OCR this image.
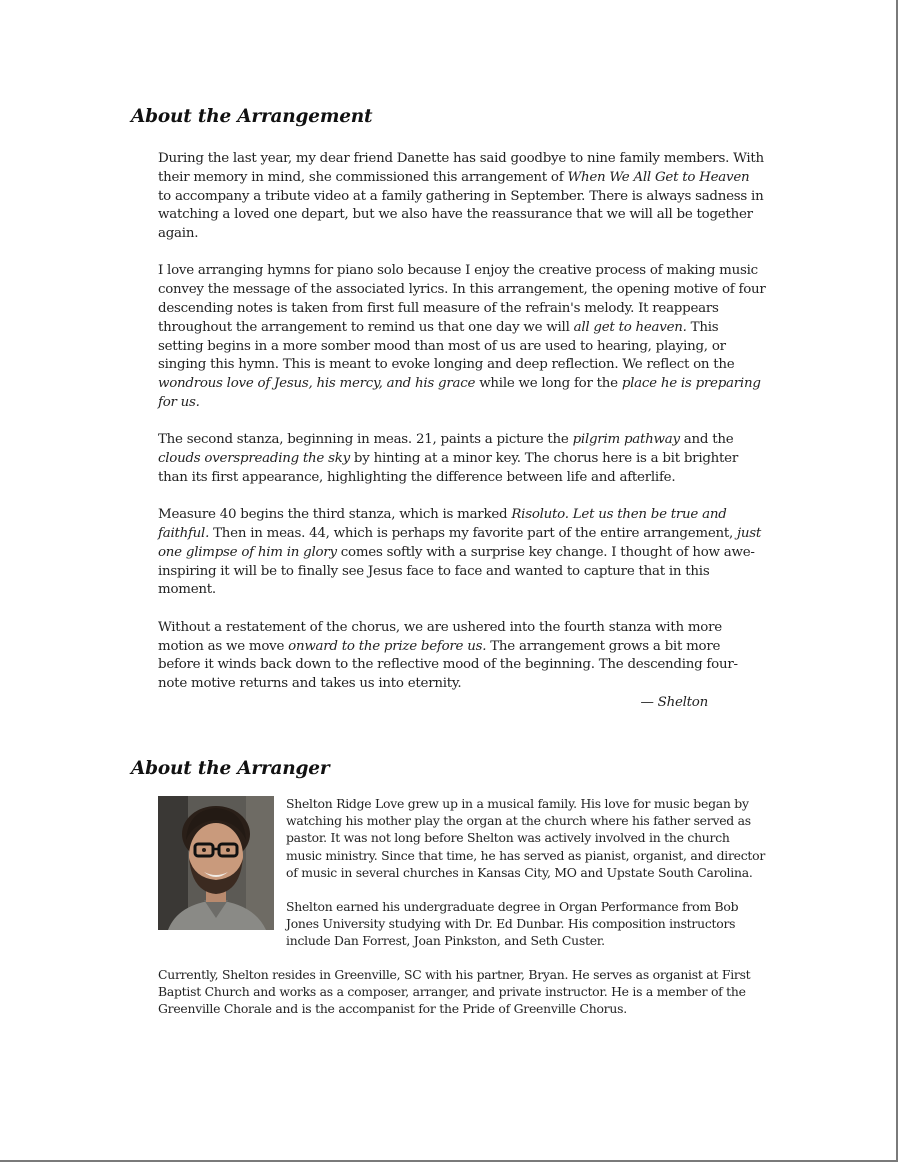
About the Arrangement

During the last year, my dear friend Danette has said goodbye to nine family members. With their memory in mind, she commissioned this arrangement of When We All Get to Heaven to accompany a tribute video at a family gathering in September. There is always sadness in watching a loved one depart, but we also have the reassurance that we will all be together again.

I love arranging hymns for piano solo because I enjoy the creative process of making music convey the message of the associated lyrics. In this arrangement, the opening motive of four descending notes is taken from first full measure of the refrain's melody. It reappears throughout the arrangement to remind us that one day we will all get to heaven. This setting begins in a more somber mood than most of us are used to hearing, playing, or singing this hymn. This is meant to evoke longing and deep reflection. We reflect on the wondrous love of Jesus, his mercy, and his grace while we long for the place he is preparing for us.

The second stanza, beginning in meas. 21, paints a picture the pilgrim pathway and the clouds overspreading the sky by hinting at a minor key. The chorus here is a bit brighter than its first appearance, highlighting the difference between life and afterlife.

Measure 40 begins the third stanza, which is marked Risoluto. Let us then be true and faithful. Then in meas. 44, which is perhaps my favorite part of the entire arrangement, just one glimpse of him in glory comes softly with a surprise key change. I thought of how awe-inspiring it will be to finally see Jesus face to face and wanted to capture that in this moment.

Without a restatement of the chorus, we are ushered into the fourth stanza with more motion as we move onward to the prize before us. The arrangement grows a bit more before it winds back down to the reflective mood of the beginning. The descending four-note motive returns and takes us into eternity.

— Shelton

About the Arranger

Shelton Ridge Love grew up in a musical family. His love for music began by watching his mother play the organ at the church where his father served as pastor. It was not long before Shelton was actively involved in the church music ministry. Since that time, he has served as pianist, organist, and director of music in several churches in Kansas City, MO and Upstate South Carolina.

Shelton earned his undergraduate degree in Organ Performance from Bob Jones University studying with Dr. Ed Dunbar. His composition instructors include Dan Forrest, Joan Pinkston, and Seth Custer.

Currently, Shelton resides in Greenville, SC with his partner, Bryan. He serves as organist at First Baptist Church and works as a composer, arranger, and private instructor. He is a member of the Greenville Chorale and is the accompanist for the Pride of Greenville Chorus.
